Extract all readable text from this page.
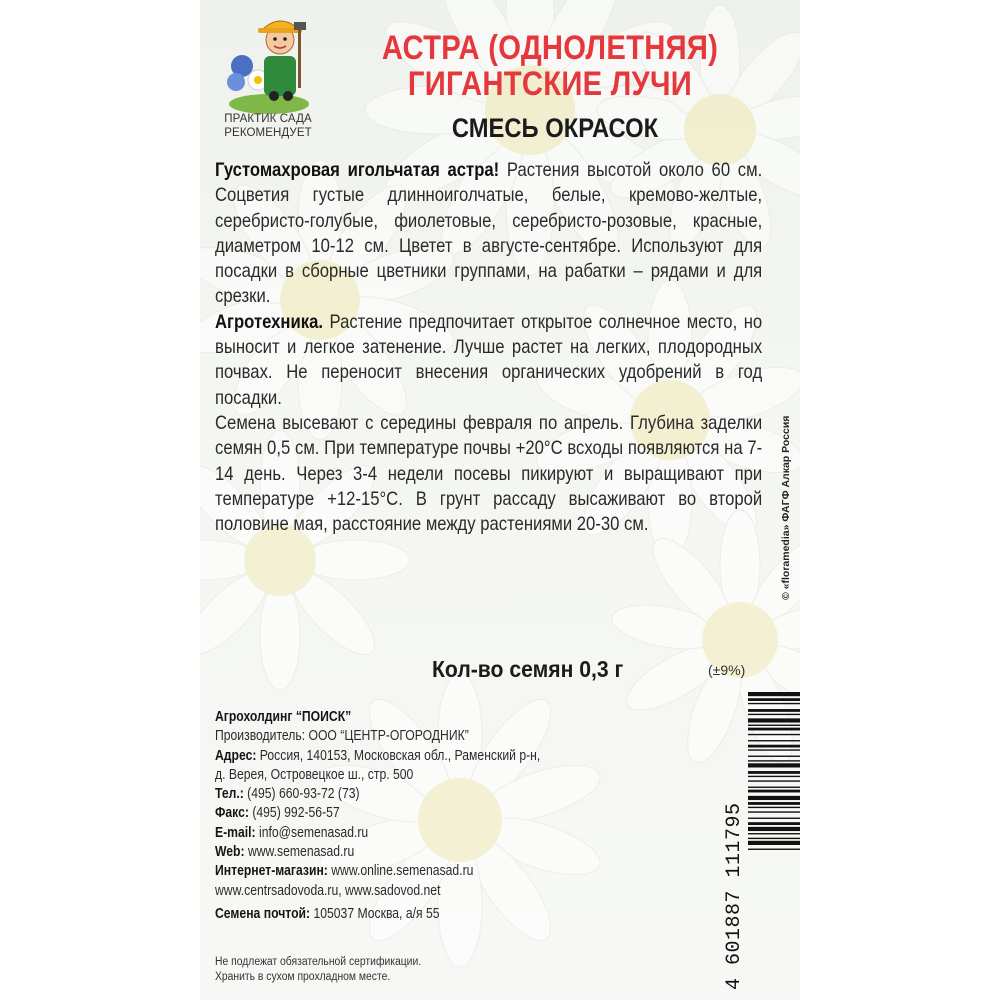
ПРАКТИК САДА
РЕКОМЕНДУЕТ
АСТРА (ОДНОЛЕТНЯЯ)
ГИГАНТСКИЕ ЛУЧИ
СМЕСЬ ОКРАСОК

Густомахровая игольчатая астра! Растения высотой около 60 см. Соцветия густые длинноиголчатые, белые, кремово-желтые, серебристо-голубые, фиолетовые, серебристо-розовые, красные, диаметром 10-12 см. Цветет в августе-сентябре. Используют для посадки в сборные цветники группами, на рабатки – рядами и для срезки.

Агротехника. Растение предпочитает открытое солнечное место, но выносит и легкое затенение. Лучше растет на легких, плодородных почвах. Не переносит внесения органических удобрений в год посадки.

Семена высевают с середины февраля по апрель. Глубина заделки семян 0,5 см. При температуре почвы +20°С всходы появляются на 7-14 день. Через 3-4 недели посевы пикируют и выращивают при температуре +12-15°С. В грунт рассаду высаживают во второй половине мая, расстояние между растениями 20-30 см.

Кол-во семян 0,3 г	(±9%)
Агрохолдинг “ПОИСК”
Производитель: ООО “ЦЕНТР-ОГОРОДНИК”
Адрес: Россия, 140153, Московская обл., Раменский р-н,
д. Верея, Островецкое ш., стр. 500
Тел.: (495) 660-93-72 (73)
Факс: (495) 992-56-57
E-mail: info@semenasad.ru
Web: www.semenasad.ru
Интернет-магазин: www.online.semenasad.ru
www.centrsadovoda.ru, www.sadovod.net
Семена почтой: 105037 Москва, а/я 55
Не подлежат обязательной сертификации.
Хранить в сухом прохладном месте.
© «floramedia» ФАГФ Алкар Россия
4 601887 111795
